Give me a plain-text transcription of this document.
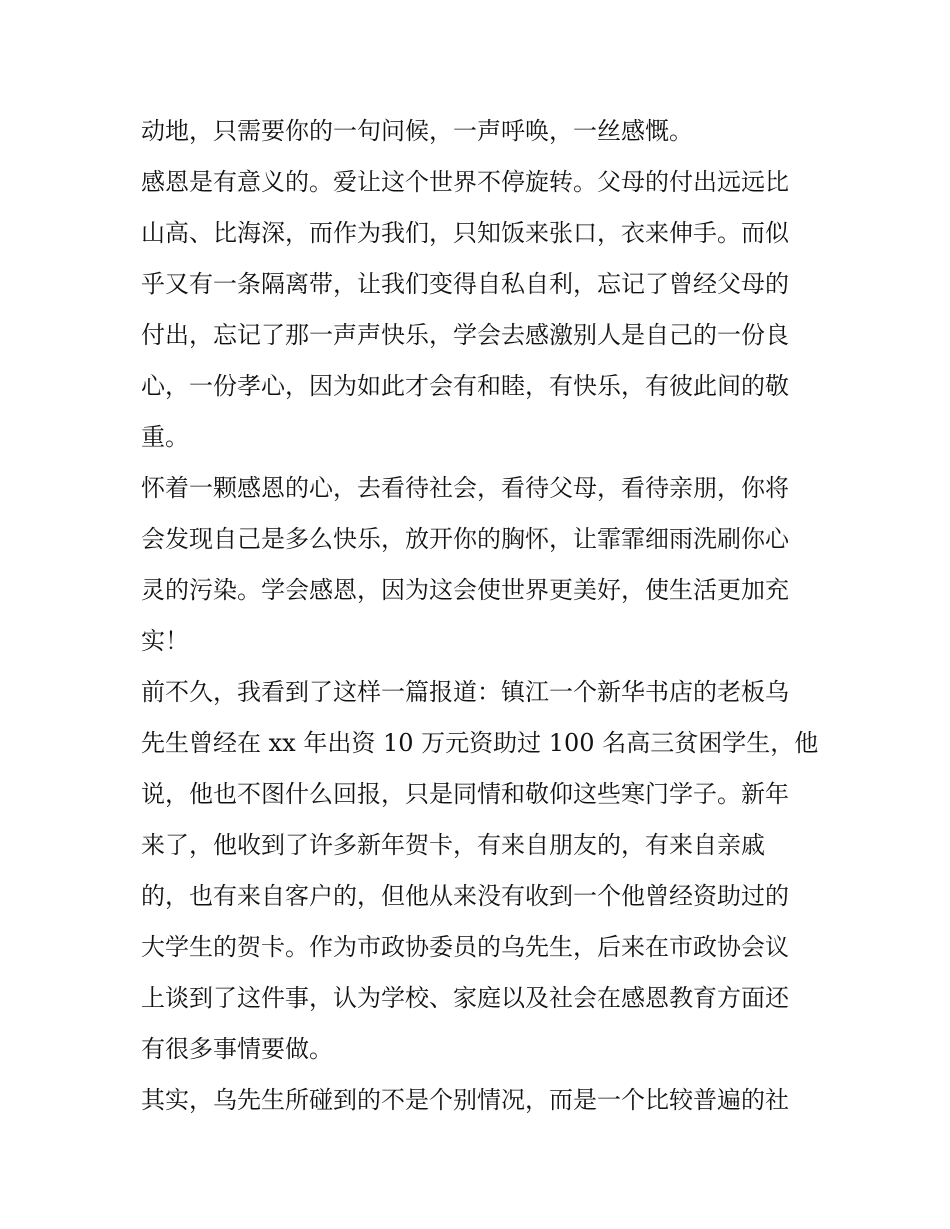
动地，只需要你的一句问候，一声呼唤，一丝感慨。
感恩是有意义的。爱让这个世界不停旋转。父母的付出远远比
山高、比海深，而作为我们，只知饭来张口，衣来伸手。而似
乎又有一条隔离带，让我们变得自私自利，忘记了曾经父母的
付出，忘记了那一声声快乐，学会去感激别人是自己的一份良
心，一份孝心，因为如此才会有和睦，有快乐，有彼此间的敬
重。
怀着一颗感恩的心，去看待社会，看待父母，看待亲朋，你将
会发现自己是多么快乐，放开你的胸怀，让霏霏细雨洗刷你心
灵的污染。学会感恩，因为这会使世界更美好，使生活更加充
实！
前不久，我看到了这样一篇报道：镇江一个新华书店的老板乌
先生曾经在 xx 年出资 10 万元资助过 100 名高三贫困学生，他
说，他也不图什么回报，只是同情和敬仰这些寒门学子。新年
来了，他收到了许多新年贺卡，有来自朋友的，有来自亲戚
的，也有来自客户的，但他从来没有收到一个他曾经资助过的
大学生的贺卡。作为市政协委员的乌先生，后来在市政协会议
上谈到了这件事，认为学校、家庭以及社会在感恩教育方面还
有很多事情要做。
其实，乌先生所碰到的不是个别情况，而是一个比较普遍的社
